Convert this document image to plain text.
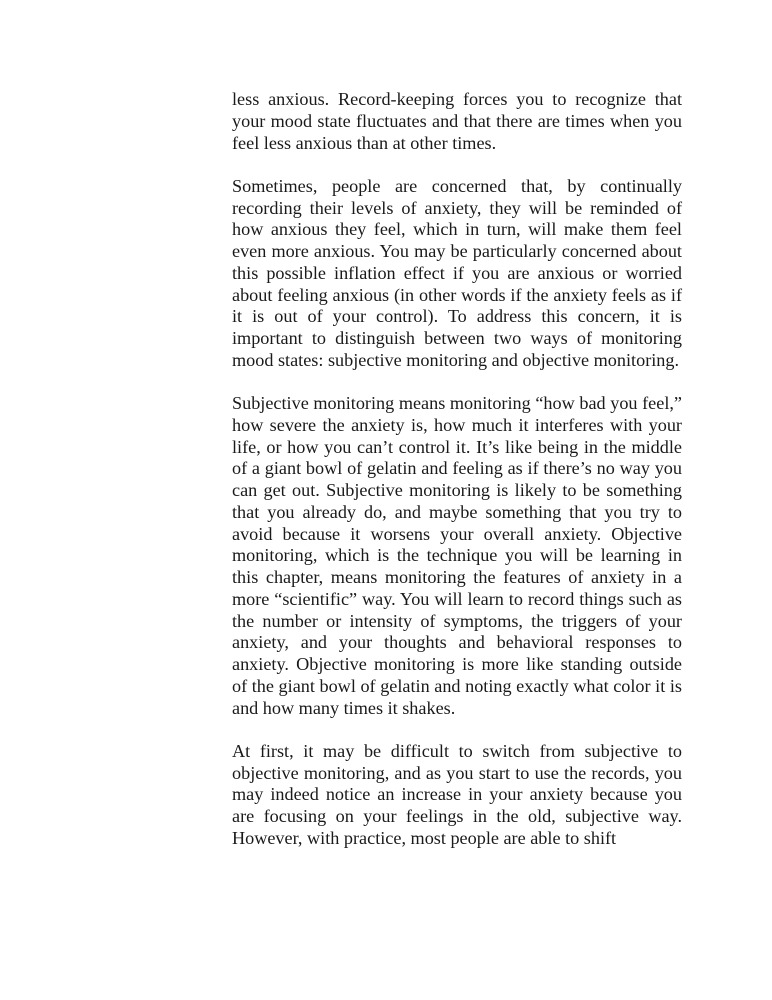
less anxious. Record-keeping forces you to recognize that your mood state fluctuates and that there are times when you feel less anxious than at other times.

Sometimes, people are concerned that, by continually recording their levels of anxiety, they will be reminded of how anxious they feel, which in turn, will make them feel even more anxious. You may be particularly concerned about this possible inflation effect if you are anxious or worried about feeling anxious (in other words if the anxiety feels as if it is out of your control). To address this concern, it is important to distinguish between two ways of monitoring mood states: subjective monitoring and objective monitoring.

Subjective monitoring means monitoring “how bad you feel,” how severe the anxiety is, how much it interferes with your life, or how you can’t control it. It’s like being in the middle of a giant bowl of gelatin and feeling as if there’s no way you can get out. Subjective monitoring is likely to be something that you already do, and maybe something that you try to avoid because it worsens your overall anxiety. Objective monitoring, which is the technique you will be learning in this chapter, means monitoring the features of anxiety in a more “scientific” way. You will learn to record things such as the number or intensity of symptoms, the triggers of your anxiety, and your thoughts and behavioral responses to anxiety. Objective monitoring is more like standing outside of the giant bowl of gelatin and noting exactly what color it is and how many times it shakes.

At first, it may be difficult to switch from subjective to objective monitoring, and as you start to use the records, you may indeed notice an increase in your anxiety because you are focusing on your feelings in the old, subjective way. However, with practice, most people are able to shift
